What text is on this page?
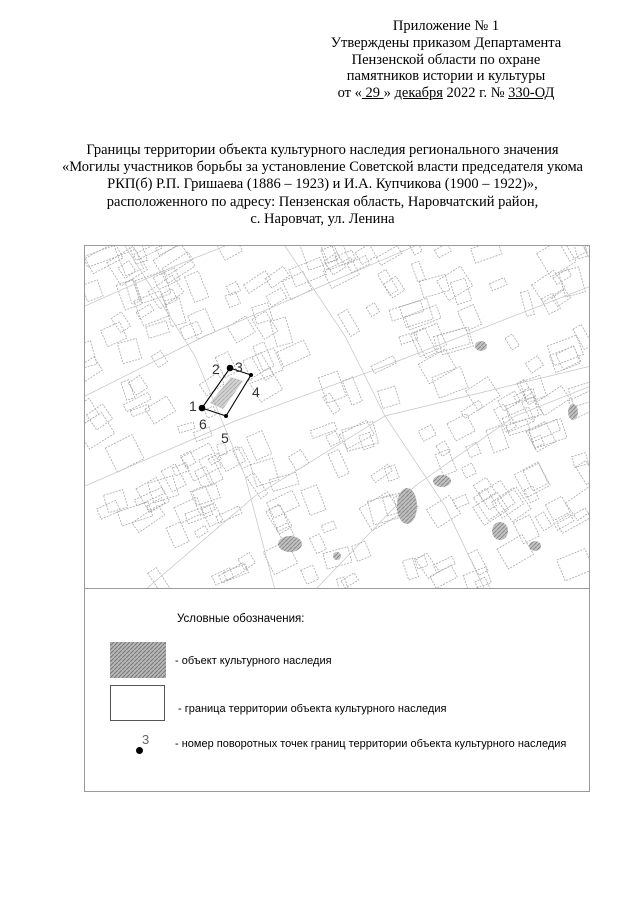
Приложение № 1
Утверждены приказом Департамента
Пензенской области по охране
памятников истории и культуры
от « 29 » декабря 2022 г. № 330-ОД
Границы территории объекта культурного наследия регионального значения
«Могилы участников борьбы за установление Советской власти председателя укома
РКП(б) Р.П. Гришаева (1886 – 1923) и И.А. Купчикова (1900 – 1922)»,
расположенного по адресу: Пензенская область, Наровчатский район,
с. Наровчат, ул. Ленина
1
2 3
4
5
6
Условные обозначения:
- объект культурного наследия
- граница территории объекта культурного наследия
3 - номер поворотных точек границ территории объекта культурного наследия
